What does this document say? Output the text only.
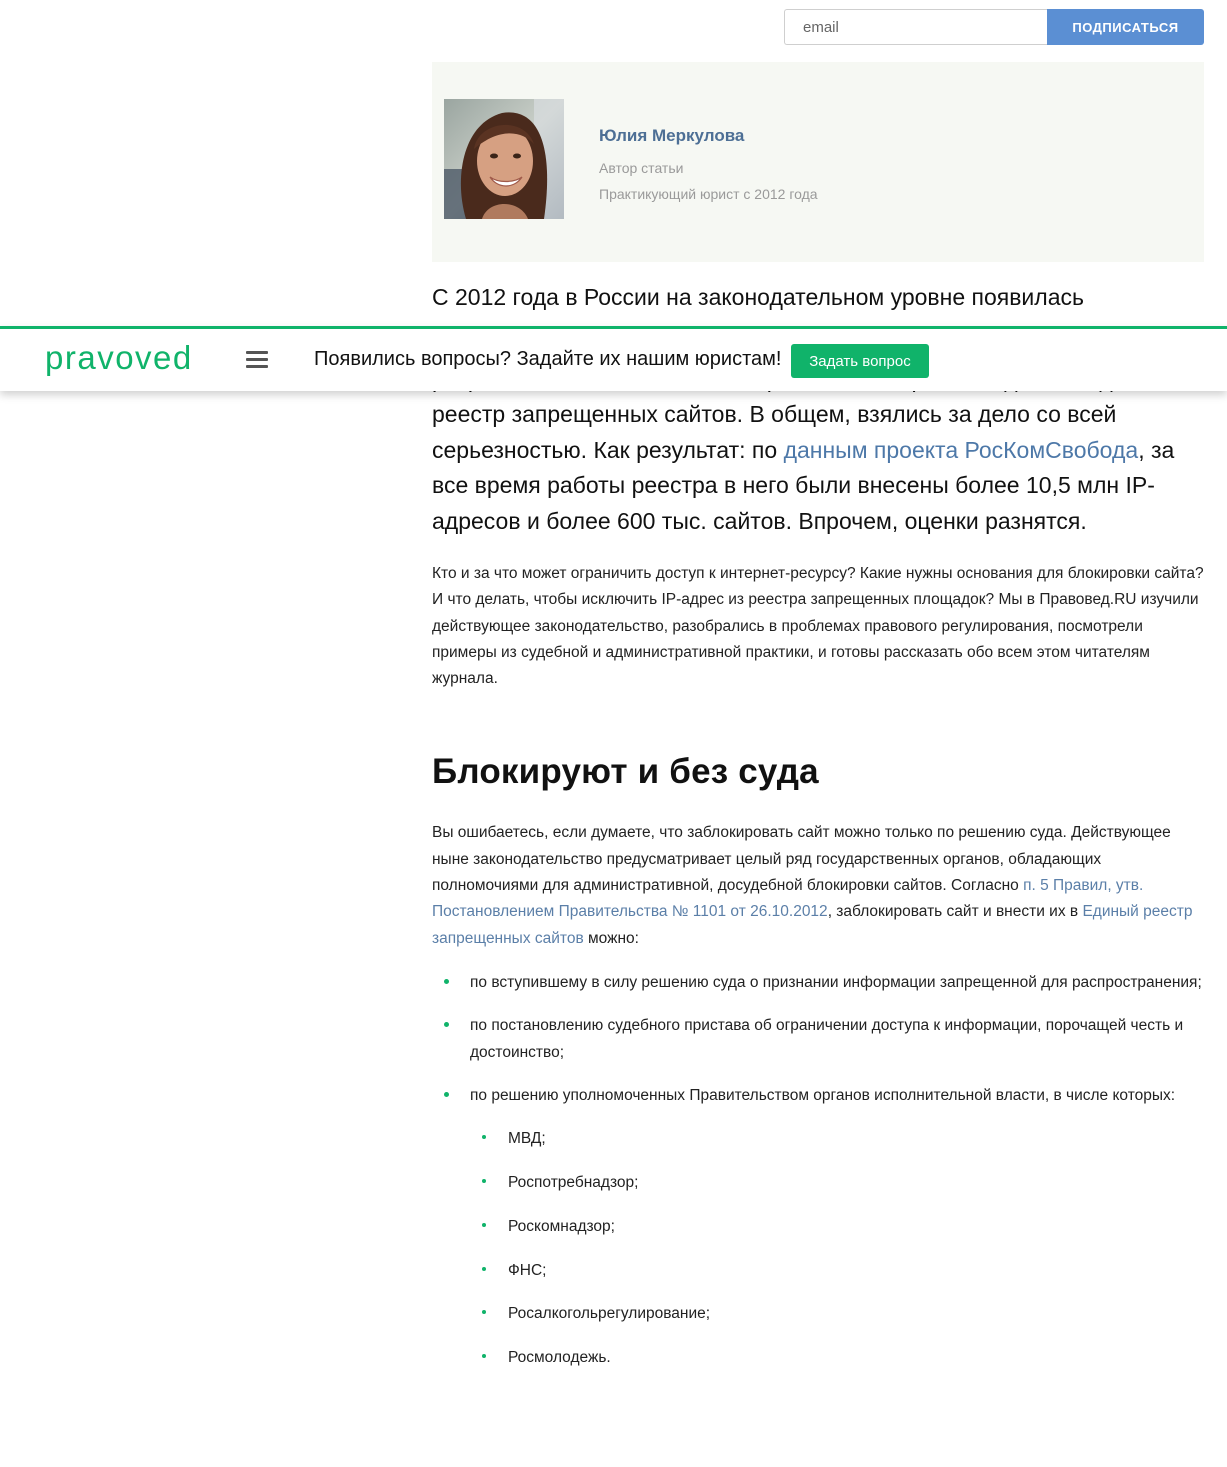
email
ПОДПИСАТЬСЯ
Юлия Меркулова
Автор статьи
Практикующий юрист с 2012 года

С 2012 года в России на законодательном уровне появилась

реестр запрещенных сайтов. В общем, взялись за дело со всей серьезностью. Как результат: по данным проекта РосКомСвобода, за все время работы реестра в него были внесены более 10,5 млн IP-адресов и более 600 тыс. сайтов. Впрочем, оценки разнятся.

Кто и за что может ограничить доступ к интернет-ресурсу? Какие нужны основания для блокировки сайта? И что делать, чтобы исключить IP-адрес из реестра запрещенных площадок? Мы в Правовед.RU изучили действующее законодательство, разобрались в проблемах правового регулирования, посмотрели примеры из судебной и административной практики, и готовы рассказать обо всем этом читателям журнала.

Блокируют и без суда

Вы ошибаетесь, если думаете, что заблокировать сайт можно только по решению суда. Действующее ныне законодательство предусматривает целый ряд государственных органов, обладающих полномочиями для административной, досудебной блокировки сайтов. Согласно п. 5 Правил, утв. Постановлением Правительства № 1101 от 26.10.2012, заблокировать сайт и внести их в Единый реестр запрещенных сайтов можно:

по вступившему в силу решению суда о признании информации запрещенной для распространения;
по постановлению судебного пристава об ограничении доступа к информации, порочащей честь и достоинство;
по решению уполномоченных Правительством органов исполнительной власти, в числе которых:
МВД;
Роспотребнадзор;
Роскомнадзор;
ФНС;
Росалкогольрегулирование;
Росмолодежь.
pravoved	Появились вопросы? Задайте их нашим юристам!	Задать вопрос
